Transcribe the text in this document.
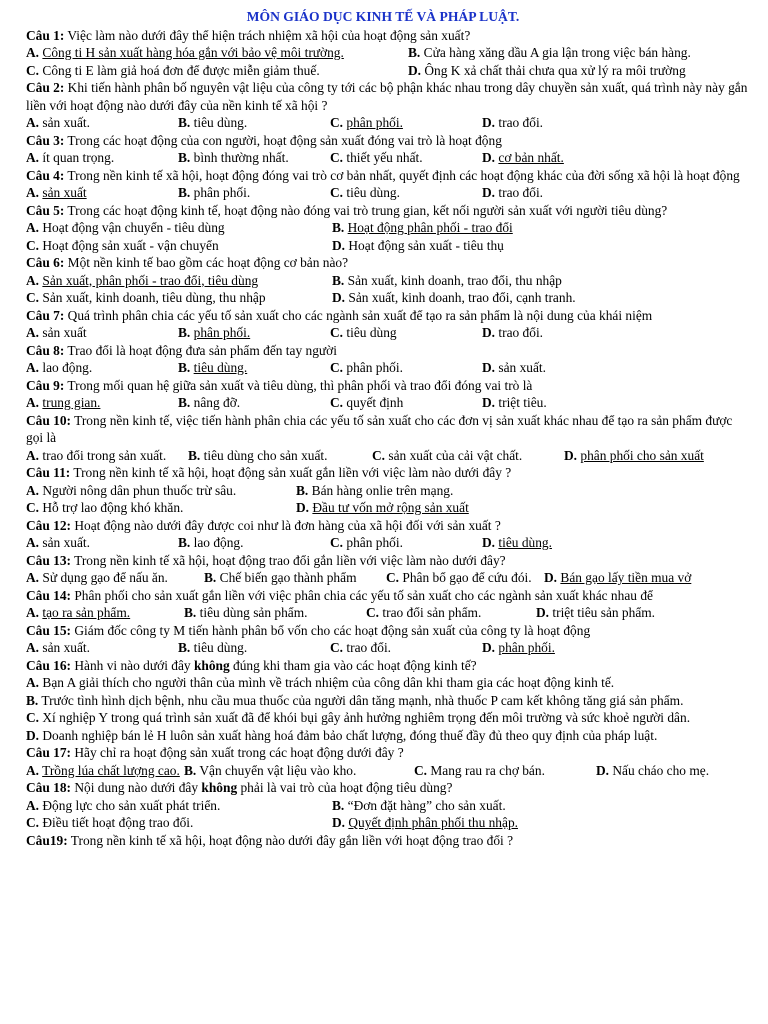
MÔN GIÁO DỤC KINH TẾ VÀ PHÁP LUẬT.
Câu 1: Việc làm nào dưới đây thể hiện trách nhiệm xã hội của hoạt động sản xuất?
A. Công ti H sản xuất hàng hóa gắn với bảo vệ môi trường.	B. Cửa hàng xăng dầu A gia lận trong việc bán hàng.
C. Công ti E làm giả hoá đơn để được miễn giảm thuế.	D. Ông K xả chất thải chưa qua xử lý ra môi trường
Câu 2: Khi tiến hành phân bố nguyên vật liệu của công ty tới các bộ phận khác nhau trong dây chuyền sản xuất, quá trình này này gắn liền với hoạt động nào dưới đây của nền kinh tế xã hội ?
A. sản xuất.	B. tiêu dùng.	C. phân phối.	D. trao đổi.
Câu 3: Trong các hoạt động của con người, hoạt động sản xuất đóng vai trò là hoạt động
A. ít quan trọng.	B. bình thường nhất.	C. thiết yếu nhất.	D. cơ bản nhất.
Câu 4: Trong nền kinh tế xã hội, hoạt động đóng vai trò cơ bản nhất, quyết định các hoạt động khác của đời sống xã hội là hoạt động
A. sản xuất	B. phân phối.	C. tiêu dùng.	D. trao đổi.
Câu 5: Trong các hoạt động kinh tế, hoạt động nào đóng vai trò trung gian, kết nối người sản xuất với người tiêu dùng?
A. Hoạt động vận chuyển - tiêu dùng	B. Hoạt động phân phối - trao đổi
C. Hoạt động sản xuất - vận chuyển	D. Hoạt động sản xuất - tiêu thụ
Câu 6: Một nền kinh tế bao gồm các hoạt động cơ bản nào?
A. Sản xuất, phân phối - trao đổi, tiêu dùng	B. Sản xuất, kinh doanh, trao đổi, thu nhập
C. Sản xuất, kinh doanh, tiêu dùng, thu nhập	D. Sản xuất, kinh doanh, trao đổi, cạnh tranh.
Câu 7: Quá trình phân chia các yếu tố sản xuất cho các ngành sản xuất để tạo ra sản phẩm là nội dung của khái niệm
A. sản xuất	B. phân phối.	C. tiêu dùng	D. trao đổi.
Câu 8: Trao đổi là hoạt động đưa sản phẩm đến tay người
A. lao động.	B. tiêu dùng.	C. phân phối.	D. sản xuất.
Câu 9: Trong mối quan hệ giữa sản xuất và tiêu dùng, thì phân phối và trao đổi đóng vai trò là
A. trung gian.	B. nâng đỡ.	C. quyết định	D. triệt tiêu.
Câu 10: Trong nền kinh tế, việc tiến hành phân chia các yếu tố sản xuất cho các đơn vị sản xuất khác nhau để tạo ra sản phẩm được gọi là
A. trao đổi trong sản xuất.	B. tiêu dùng cho sản xuất.	C. sản xuất của cải vật chất.	D. phân phối cho sản xuất
Câu 11: Trong nền kinh tế xã hội, hoạt động sản xuất gắn liền với việc làm nào dưới đây ?
A. Người nông dân phun thuốc trừ sâu.	B. Bán hàng onlie trên mạng.
C. Hỗ trợ lao động khó khăn.	D. Đầu tư vốn mở rộng sản xuất
Câu 12: Hoạt động nào dưới đây được coi như là đơn hàng của xã hội đối với sản xuất ?
A. sản xuất.	B. lao động.	C. phân phối.	D. tiêu dùng.
Câu 13: Trong nền kinh tế xã hội, hoạt động trao đổi gắn liền với việc làm nào dưới đây?
A. Sử dụng gạo để nấu ăn.	B. Chế biến gạo thành phẩm	C. Phân bổ gạo để cứu đói. D. Bán gạo lấy tiền mua vở
Câu 14: Phân phối cho sản xuất gắn liền với việc phân chia các yếu tố sản xuất cho các ngành sản xuất khác nhau để
A. tạo ra sản phẩm.	B. tiêu dùng sản phẩm.	C. trao đổi sản phẩm.	D. triệt tiêu sản phẩm.
Câu 15: Giám đốc công ty M tiến hành phân bổ vốn cho các hoạt động sản xuất của công ty là hoạt động
A. sản xuất.	B. tiêu dùng.	C. trao đổi.	D. phân phối.
Câu 16: Hành vi nào dưới đây không đúng khi tham gia vào các hoạt động kinh tế?
A. Bạn A giải thích cho người thân của mình về trách nhiệm của công dân khi tham gia các hoạt động kinh tế.
B. Trước tình hình dịch bệnh, nhu cầu mua thuốc của người dân tăng mạnh, nhà thuốc P cam kết không tăng giá sản phẩm.
C. Xí nghiệp Y trong quá trình sản xuất đã để khói bụi gây ảnh hưởng nghiêm trọng đến môi trường và sức khoẻ người dân.
D. Doanh nghiệp bán lẻ H luôn sản xuất hàng hoá đảm bảo chất lượng, đóng thuế đầy đủ theo quy định của pháp luật.
Câu 17: Hãy chỉ ra hoạt động sản xuất trong các hoạt động dưới đây ?
A. Trồng lúa chất lượng cao. B. Vận chuyển vật liệu vào kho.	C. Mang rau ra chợ bán.	D. Nấu cháo cho mẹ.
Câu 18: Nội dung nào dưới đây không phải là vai trò của hoạt động tiêu dùng?
A. Động lực cho sản xuất phát triển.	B. “Đơn đặt hàng” cho sản xuất.
C. Điều tiết hoạt động trao đổi.	D. Quyết định phân phối thu nhập.
Câu19: Trong nền kinh tế xã hội, hoạt động nào dưới đây gắn liền với hoạt động trao đổi ?
